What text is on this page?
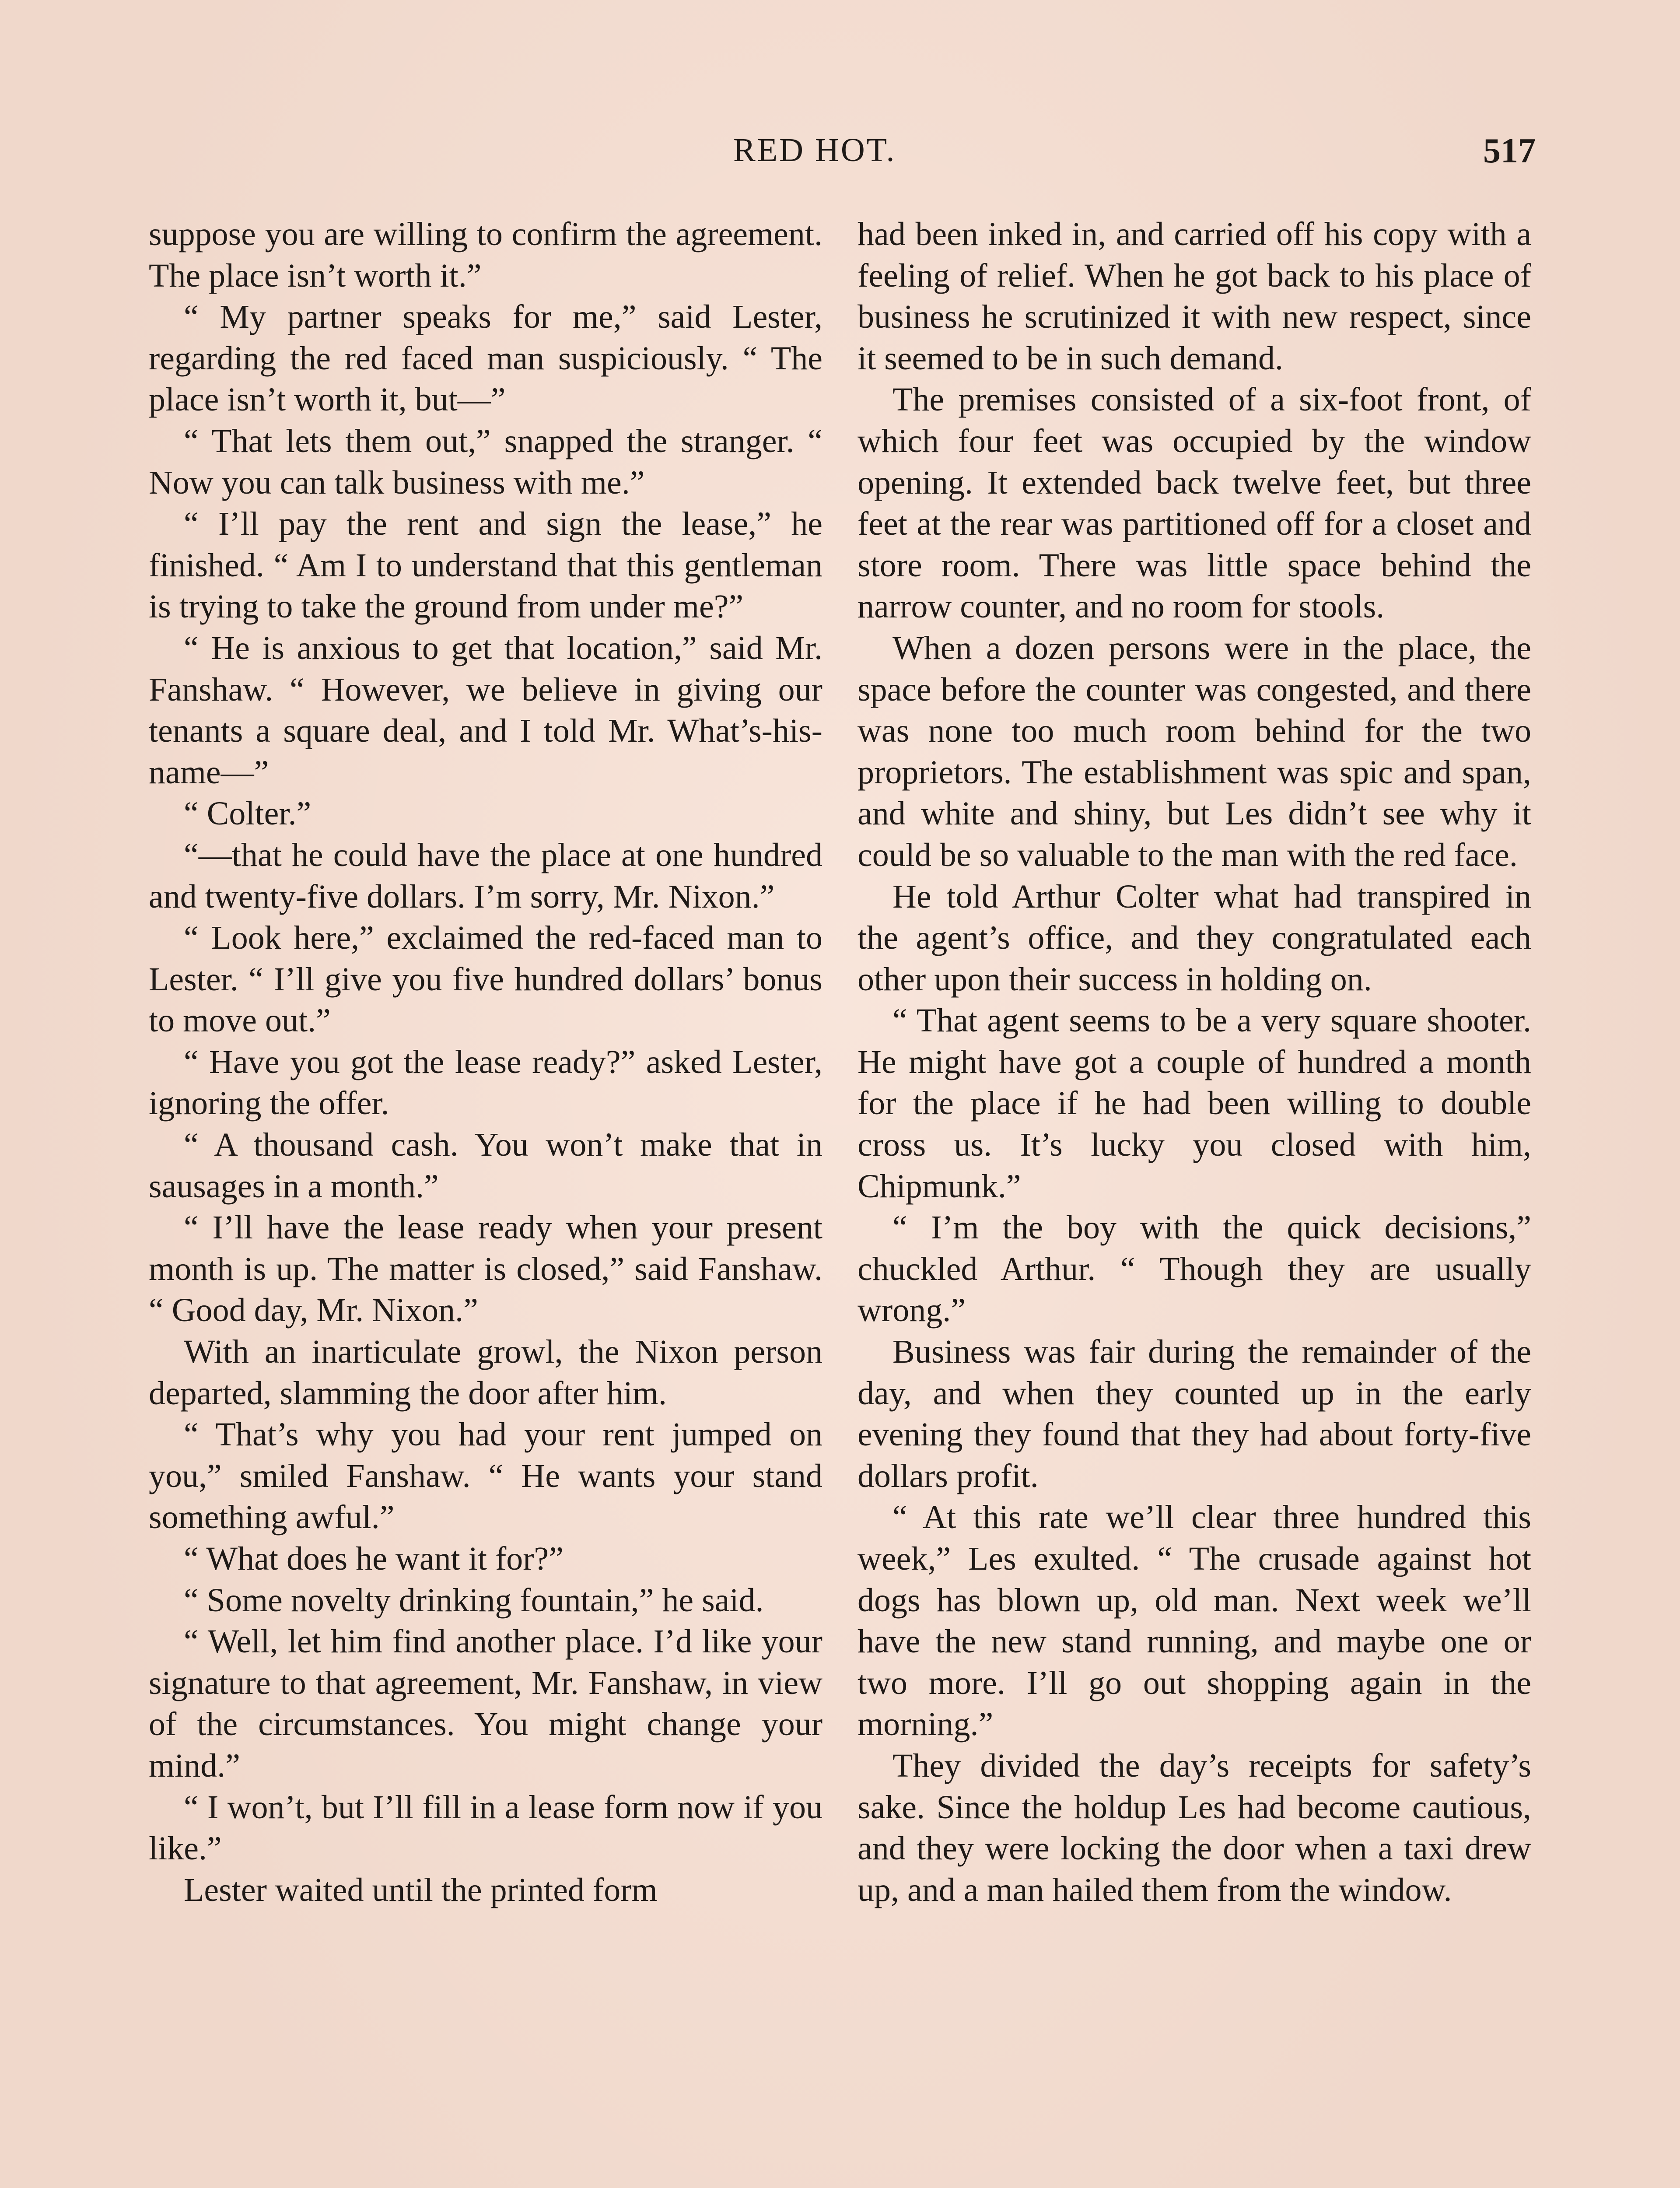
RED HOT.	517

suppose you are willing to confirm the agreement. The place isn’t worth it.”

“ My partner speaks for me,” said Lester, regarding the red faced man suspiciously. “ The place isn’t worth it, but—”

“ That lets them out,” snapped the stranger. “ Now you can talk business with me.”

“ I’ll pay the rent and sign the lease,” he finished. “ Am I to understand that this gentleman is trying to take the ground from under me?”

“ He is anxious to get that location,” said Mr. Fanshaw. “ However, we believe in giving our tenants a square deal, and I told Mr. What’s-his-name—”

“ Colter.”

“—that he could have the place at one hundred and twenty-five dollars. I’m sorry, Mr. Nixon.”

“ Look here,” exclaimed the red-faced man to Lester. “ I’ll give you five hundred dollars’ bonus to move out.”

“ Have you got the lease ready?” asked Lester, ignoring the offer.

“ A thousand cash. You won’t make that in sausages in a month.”

“ I’ll have the lease ready when your present month is up. The matter is closed,” said Fanshaw. “ Good day, Mr. Nixon.”

With an inarticulate growl, the Nixon person departed, slamming the door after him.

“ That’s why you had your rent jumped on you,” smiled Fanshaw. “ He wants your stand something awful.”

“ What does he want it for?”

“ Some novelty drinking fountain,” he said.

“ Well, let him find another place. I’d like your signature to that agreement, Mr. Fanshaw, in view of the circumstances. You might change your mind.”

“ I won’t, but I’ll fill in a lease form now if you like.”

Lester waited until the printed form

had been inked in, and carried off his copy with a feeling of relief. When he got back to his place of business he scrutinized it with new respect, since it seemed to be in such demand.

The premises consisted of a six-foot front, of which four feet was occupied by the window opening. It extended back twelve feet, but three feet at the rear was partitioned off for a closet and store room. There was little space behind the narrow counter, and no room for stools.

When a dozen persons were in the place, the space before the counter was congested, and there was none too much room behind for the two proprietors. The establishment was spic and span, and white and shiny, but Les didn’t see why it could be so valuable to the man with the red face.

He told Arthur Colter what had transpired in the agent’s office, and they congratulated each other upon their success in holding on.

“ That agent seems to be a very square shooter. He might have got a couple of hundred a month for the place if he had been willing to double cross us. It’s lucky you closed with him, Chipmunk.”

“ I’m the boy with the quick decisions,” chuckled Arthur. “ Though they are usually wrong.”

Business was fair during the remainder of the day, and when they counted up in the early evening they found that they had about forty-five dollars profit.

“ At this rate we’ll clear three hundred this week,” Les exulted. “ The crusade against hot dogs has blown up, old man. Next week we’ll have the new stand running, and maybe one or two more. I’ll go out shopping again in the morning.”

They divided the day’s receipts for safety’s sake. Since the holdup Les had become cautious, and they were locking the door when a taxi drew up, and a man hailed them from the window.
